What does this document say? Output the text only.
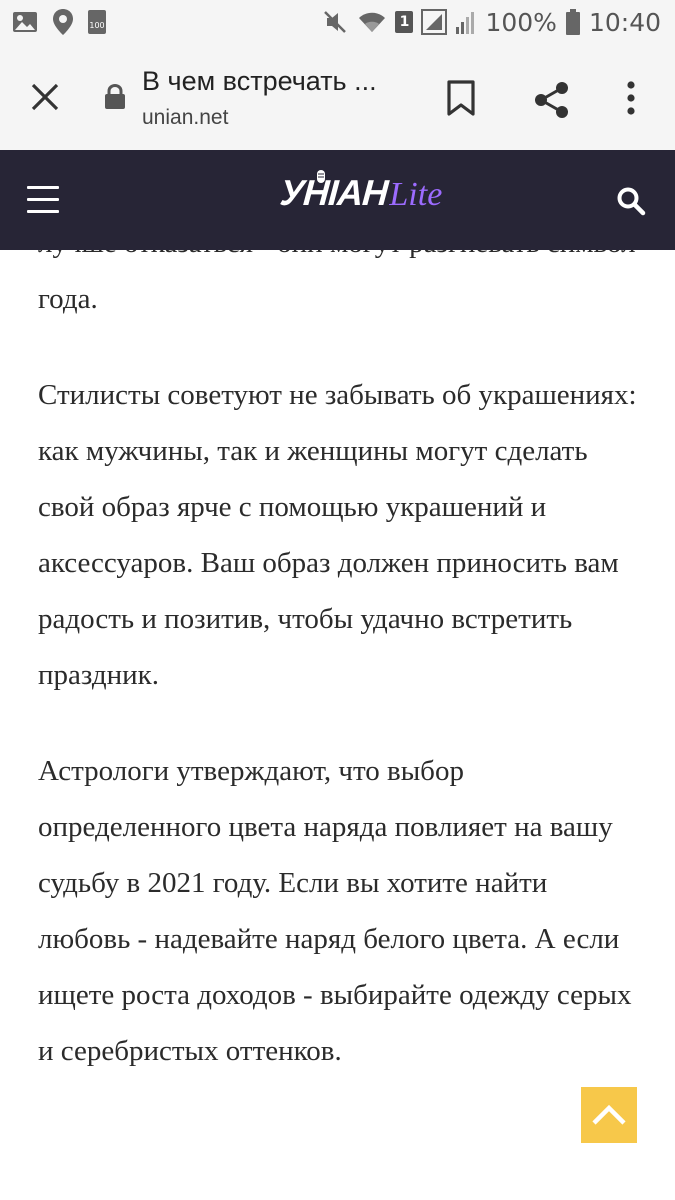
100	1	100% 10:40
В чем встречать ...
unian.net
УНІАН Lite

года.

Стилисты советуют не забывать об украшениях: как мужчины, так и женщины могут сделать свой образ ярче с помощью украшений и аксессуаров. Ваш образ должен приносить вам радость и позитив, чтобы удачно встретить праздник.

Астрологи утверждают, что выбор определенного цвета наряда повлияет на вашу судьбу в 2021 году. Если вы хотите найти любовь - надевайте наряд белого цвета. А если ищете роста доходов - выбирайте одежду серых и серебристых оттенков.
